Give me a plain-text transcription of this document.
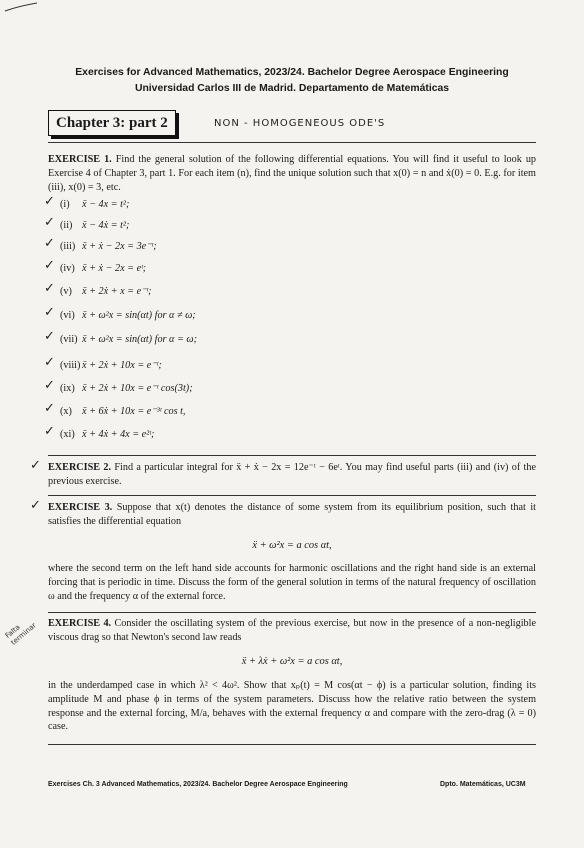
Exercises for Advanced Mathematics, 2023/24. Bachelor Degree Aerospace Engineering
Universidad Carlos III de Madrid. Departamento de Matemáticas
Chapter 3: part 2	NON - HOMOGENEOUS ODE'S
EXERCISE 1. Find the general solution of the following differential equations. You will find it useful to look up Exercise 4 of Chapter 3, part 1. For each item (n), find the unique solution such that x(0) = n and ẋ(0) = 0. E.g. for item (iii), x(0) = 3, etc.
✓ (i) ẍ − 4x = t²;
✓ (ii) ẍ − 4ẋ = t²;
✓ (iii) ẍ + ẋ − 2x = 3e⁻ᵗ;
✓ (iv) ẍ + ẋ − 2x = eᵗ;
✓ (v) ẍ + 2ẋ + x = e⁻ᵗ;
✓ (vi) ẍ + ω²x = sin(αt) for α ≠ ω;
✓ (vii) ẍ + ω²x = sin(αt) for α = ω;
✓ (viii) ẍ + 2ẋ + 10x = e⁻ᵗ;
✓ (ix) ẍ + 2ẋ + 10x = e⁻ᵗ cos(3t);
✓ (x) ẍ + 6ẋ + 10x = e⁻³ᵗ cos t,
✓ (xi) ẍ + 4ẋ + 4x = e²ᵗ;
EXERCISE 2. Find a particular integral for ẍ + ẋ − 2x = 12e⁻ᵗ − 6eᵗ. You may find useful parts (iii) and (iv) of the previous exercise.
✓
EXERCISE 3. Suppose that x(t) denotes the distance of some system from its equilibrium position, such that it satisfies the differential equation
✓
ẍ + ω²x = a cos αt,
where the second term on the left hand side accounts for harmonic oscillations and the right hand side is an external forcing that is periodic in time. Discuss the form of the general solution in terms of the natural frequency of oscillation ω and the frequency α of the external force.
EXERCISE 4. Consider the oscillating system of the previous exercise, but now in the presence of a non-negligible viscous drag so that Newton's second law reads
ẍ + λẋ + ω²x = a cos αt,
in the underdamped case in which λ² < 4ω². Show that xₚ(t) = M cos(αt − ϕ) is a particular solution, finding its amplitude M and phase ϕ in terms of the system parameters. Discuss how the relative ratio between the system response and the external forcing, M/a, behaves with the external frequency α and compare with the zero-drag (λ = 0) case.
Falta
terminar
Exercises Ch. 3 Advanced Mathematics, 2023/24. Bachelor Degree Aerospace Engineering	Dpto. Matemáticas, UC3M
